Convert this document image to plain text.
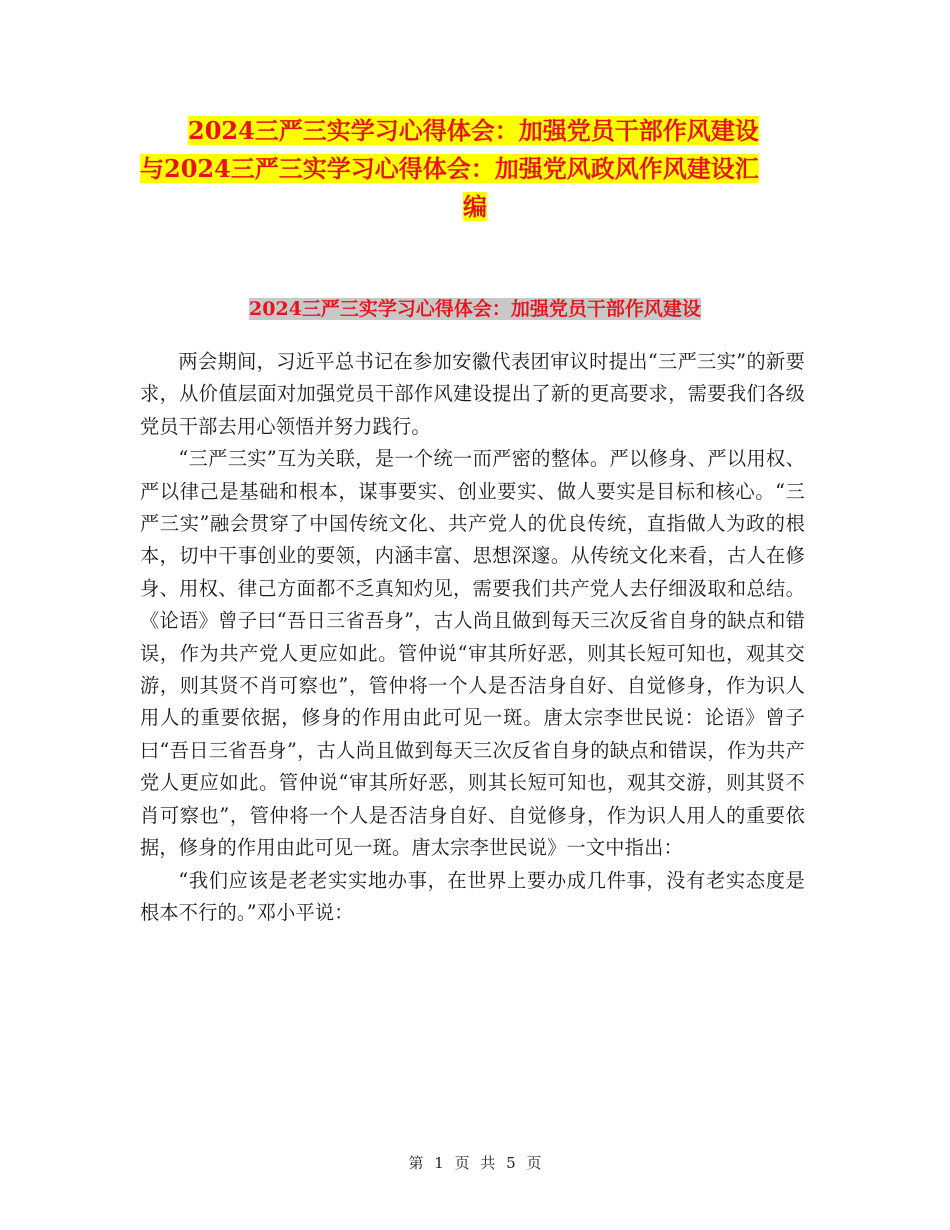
2024三严三实学习心得体会：加强党员干部作风建设
与2024三严三实学习心得体会：加强党风政风作风建设汇
编
2024三严三实学习心得体会：加强党员干部作风建设

两会期间，习近平总书记在参加安徽代表团审议时提出“三严三实”的新要求，从价值层面对加强党员干部作风建设提出了新的更高要求，需要我们各级党员干部去用心领悟并努力践行。

“三严三实”互为关联，是一个统一而严密的整体。严以修身、严以用权、严以律己是基础和根本，谋事要实、创业要实、做人要实是目标和核心。“三严三实”融会贯穿了中国传统文化、共产党人的优良传统，直指做人为政的根本，切中干事创业的要领，内涵丰富、思想深邃。从传统文化来看，古人在修身、用权、律己方面都不乏真知灼见，需要我们共产党人去仔细汲取和总结。《论语》曾子曰“吾日三省吾身”，古人尚且做到每天三次反省自身的缺点和错误，作为共产党人更应如此。管仲说“审其所好恶，则其长短可知也，观其交游，则其贤不肖可察也”，管仲将一个人是否洁身自好、自觉修身，作为识人用人的重要依据，修身的作用由此可见一斑。唐太宗李世民说：论语》曾子曰“吾日三省吾身”，古人尚且做到每天三次反省自身的缺点和错误，作为共产党人更应如此。管仲说“审其所好恶，则其长短可知也，观其交游，则其贤不肖可察也”，管仲将一个人是否洁身自好、自觉修身，作为识人用人的重要依据，修身的作用由此可见一斑。唐太宗李世民说》一文中指出：

“我们应该是老老实实地办事，在世界上要办成几件事，没有老实态度是根本不行的。”邓小平说：

第 1 页 共 5 页
